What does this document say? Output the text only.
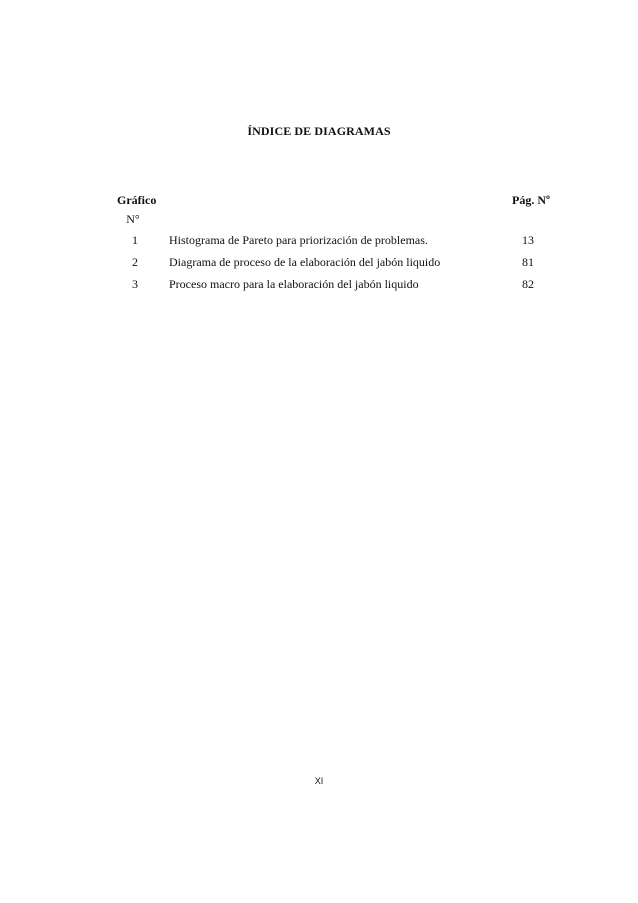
ÍNDICE DE DIAGRAMAS
Gráfico	Pág. Nº
N°
1	Histograma de Pareto para priorización de problemas.	13
2	Diagrama de proceso de la elaboración del jabón liquido	81
3	Proceso macro para la elaboración del jabón liquido	82
XI
